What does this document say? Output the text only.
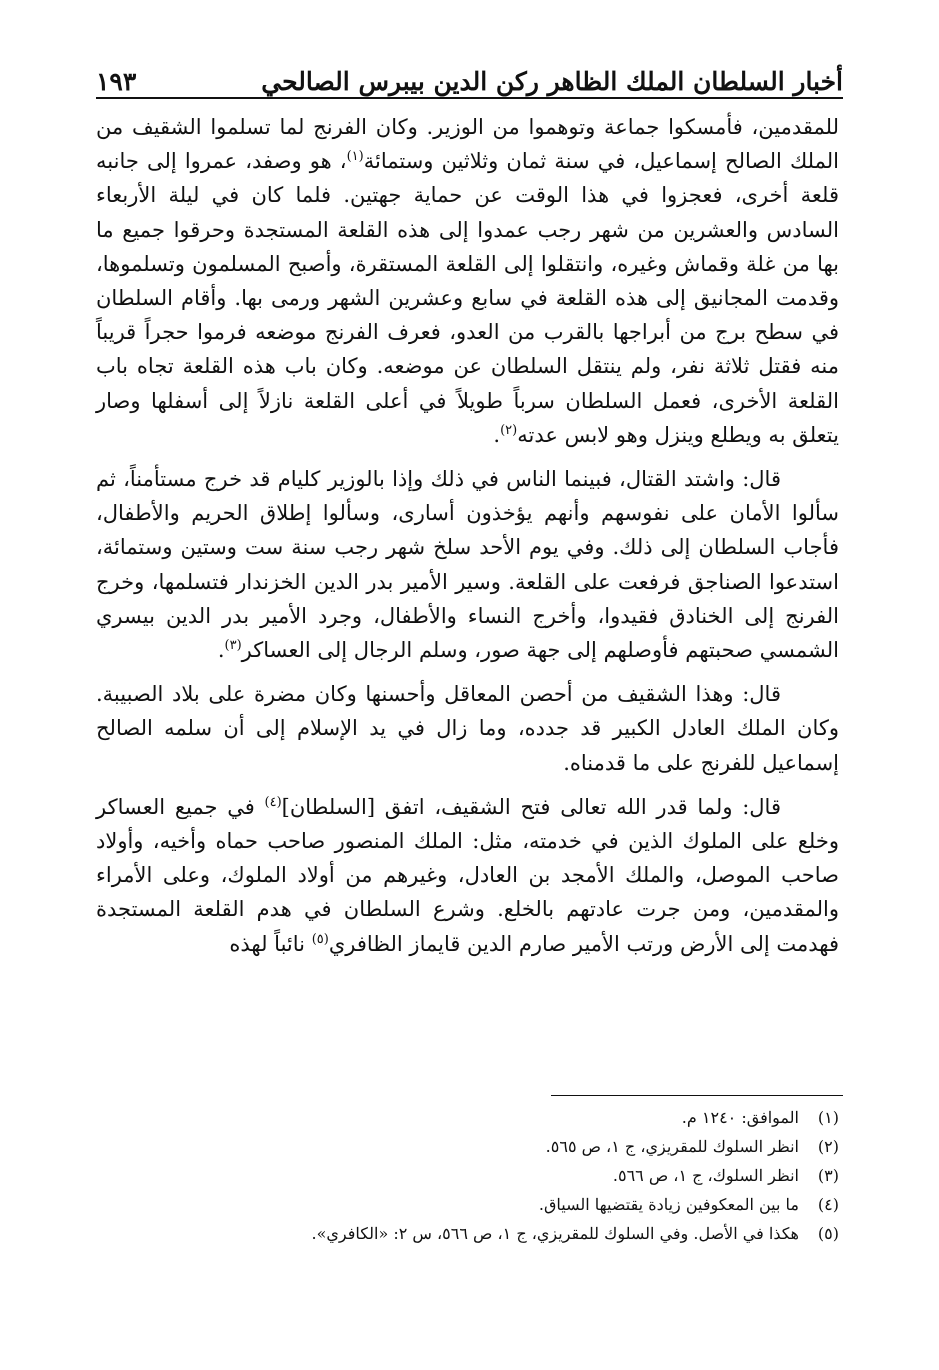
أخبار السلطان الملك الظاهر ركن الدين بيبرس الصالحي
١٩٣

للمقدمين، فأمسكوا جماعة وتوهموا من الوزير. وكان الفرنج لما تسلموا الشقيف من الملك الصالح إسماعيل، في سنة ثمان وثلاثين وستمائة$^{(١)}$، هو وصفد، عمروا إلى جانبه قلعة أخرى، فعجزوا في هذا الوقت عن حماية جهتين. فلما كان في ليلة الأربعاء السادس والعشرين من شهر رجب عمدوا إلى هذه القلعة المستجدة وحرقوا جميع ما بها من غلة وقماش وغيره، وانتقلوا إلى القلعة المستقرة، وأصبح المسلمون وتسلموها، وقدمت المجانيق إلى هذه القلعة في سابع وعشرين الشهر ورمى بها. وأقام السلطان في سطح برج من أبراجها بالقرب من العدو، فعرف الفرنج موضعه فرموا حجراً قريباً منه فقتل ثلاثة نفر، ولم ينتقل السلطان عن موضعه. وكان باب هذه القلعة تجاه باب القلعة الأخرى، فعمل السلطان سرباً طويلاً في أعلى القلعة نازلاً إلى أسفلها وصار يتعلق به ويطلع وينزل وهو لابس عدته$^{(٢)}$.

قال: واشتد القتال، فبينما الناس في ذلك وإذا بالوزير كليام قد خرج مستأمناً، ثم سألوا الأمان على نفوسهم وأنهم يؤخذون أسارى، وسألوا إطلاق الحريم والأطفال، فأجاب السلطان إلى ذلك. وفي يوم الأحد سلخ شهر رجب سنة ست وستين وستمائة، استدعوا الصناجق فرفعت على القلعة. وسير الأمير بدر الدين الخزندار فتسلمها، وخرج الفرنج إلى الخنادق فقيدوا، وأخرج النساء والأطفال، وجرد الأمير بدر الدين بيسري الشمسي صحبتهم فأوصلهم إلى جهة صور، وسلم الرجال إلى العساكر$^{(٣)}$.

قال: وهذا الشقيف من أحصن المعاقل وأحسنها وكان مضرة على بلاد الصبيبة. وكان الملك العادل الكبير قد جدده، وما زال في يد الإسلام إلى أن سلمه الصالح إسماعيل للفرنج على ما قدمناه.

قال: ولما قدر الله تعالى فتح الشقيف، اتفق [السلطان]$^{(٤)}$ في جميع العساكر وخلع على الملوك الذين في خدمته، مثل: الملك المنصور صاحب حماه وأخيه، وأولاد صاحب الموصل، والملك الأمجد بن العادل، وغيرهم من أولاد الملوك، وعلى الأمراء والمقدمين، ومن جرت عادتهم بالخلع. وشرع السلطان في هدم القلعة المستجدة فهدمت إلى الأرض ورتب الأمير صارم الدين قايماز الظافري$^{(٥)}$ نائباً لهذه

(١)
الموافق: ١٢٤٠ م.
(٢)
انظر السلوك للمقريزي، ج ١، ص ٥٦٥.
(٣)
انظر السلوك، ج ١، ص ٥٦٦.
(٤)
ما بين المعكوفين زيادة يقتضيها السياق.
(٥)
هكذا في الأصل. وفي السلوك للمقريزي، ج ١، ص ٥٦٦، س ٢: «الكافري».
